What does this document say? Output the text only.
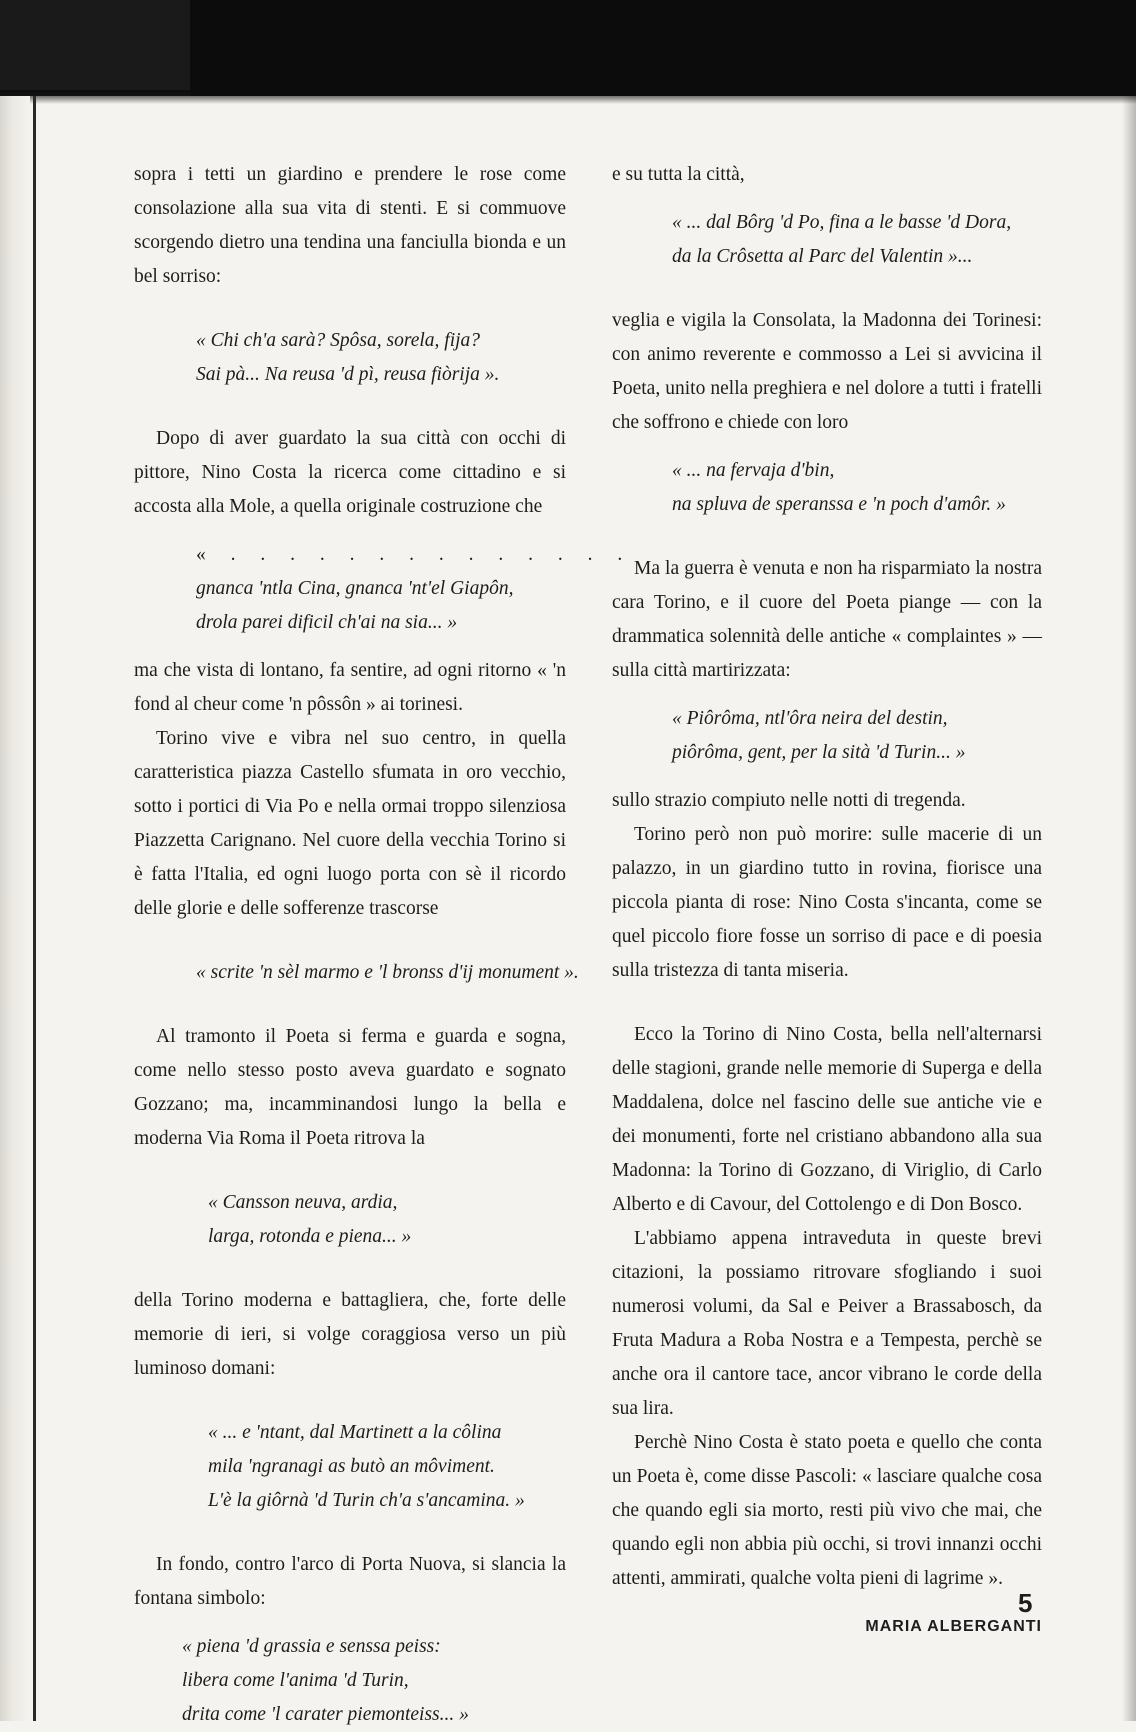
sopra i tetti un giardino e prendere le rose come consolazione alla sua vita di stenti. E si commuove scorgendo dietro una tendina una fanciulla bionda e un bel sorriso:

« Chi ch'a sarà? Spôsa, sorela, fija?
Sai pà... Na reusa 'd pì, reusa fiòrija ».

Dopo di aver guardato la sua città con occhi di pittore, Nino Costa la ricerca come cittadino e si accosta alla Mole, a quella originale costruzione che

« . . . . . . . . . . . . . .
gnanca 'ntla Cina, gnanca 'nt'el Giapôn,
drola parei dificil ch'ai na sia... »

ma che vista di lontano, fa sentire, ad ogni ritorno « 'n fond al cheur come 'n pôssôn » ai torinesi.

Torino vive e vibra nel suo centro, in quella caratteristica piazza Castello sfumata in oro vecchio, sotto i portici di Via Po e nella ormai troppo silenziosa Piazzetta Carignano. Nel cuore della vecchia Torino si è fatta l'Italia, ed ogni luogo porta con sè il ricordo delle glorie e delle sofferenze trascorse

« scrite 'n sèl marmo e 'l bronss d'ij monument ».

Al tramonto il Poeta si ferma e guarda e sogna, come nello stesso posto aveva guardato e sognato Gozzano; ma, incamminandosi lungo la bella e moderna Via Roma il Poeta ritrova la

« Cansson neuva, ardia,
larga, rotonda e piena... »

della Torino moderna e battagliera, che, forte delle memorie di ieri, si volge coraggiosa verso un più luminoso domani:

« ... e 'ntant, dal Martinett a la côlina
mila 'ngranagi as butò an môviment.
L'è la giôrnà 'd Turin ch'a s'ancamina. »

In fondo, contro l'arco di Porta Nuova, si slancia la fontana simbolo:

« piena 'd grassia e senssa peiss:
libera come l'anima 'd Turin,
drita come 'l carater piemonteiss... »

e su tutta la città,

« ... dal Bôrg 'd Po, fina a le basse 'd Dora,
da la Crôsetta al Parc del Valentin »...

veglia e vigila la Consolata, la Madonna dei Torinesi: con animo reverente e commosso a Lei si avvicina il Poeta, unito nella preghiera e nel dolore a tutti i fratelli che soffrono e chiede con loro

« ... na fervaja d'bin,
na spluva de speranssa e 'n poch d'amôr. »

Ma la guerra è venuta e non ha risparmiato la nostra cara Torino, e il cuore del Poeta piange — con la drammatica solennità delle antiche « complaintes » — sulla città martirizzata:

« Piôrôma, ntl'ôra neira del destin,
piôrôma, gent, per la sità 'd Turin... »

sullo strazio compiuto nelle notti di tregenda.

Torino però non può morire: sulle macerie di un palazzo, in un giardino tutto in rovina, fiorisce una piccola pianta di rose: Nino Costa s'incanta, come se quel piccolo fiore fosse un sorriso di pace e di poesia sulla tristezza di tanta miseria.

Ecco la Torino di Nino Costa, bella nell'alternarsi delle stagioni, grande nelle memorie di Superga e della Maddalena, dolce nel fascino delle sue antiche vie e dei monumenti, forte nel cristiano abbandono alla sua Madonna: la Torino di Gozzano, di Viriglio, di Carlo Alberto e di Cavour, del Cottolengo e di Don Bosco.

L'abbiamo appena intraveduta in queste brevi citazioni, la possiamo ritrovare sfogliando i suoi numerosi volumi, da Sal e Peiver a Brassabosch, da Fruta Madura a Roba Nostra e a Tempesta, perchè se anche ora il cantore tace, ancor vibrano le corde della sua lira.

Perchè Nino Costa è stato poeta e quello che conta un Poeta è, come disse Pascoli: « lasciare qualche cosa che quando egli sia morto, resti più vivo che mai, che quando egli non abbia più occhi, si trovi innanzi occhi attenti, ammirati, qualche volta pieni di lagrime ».

MARIA ALBERGANTI
5
